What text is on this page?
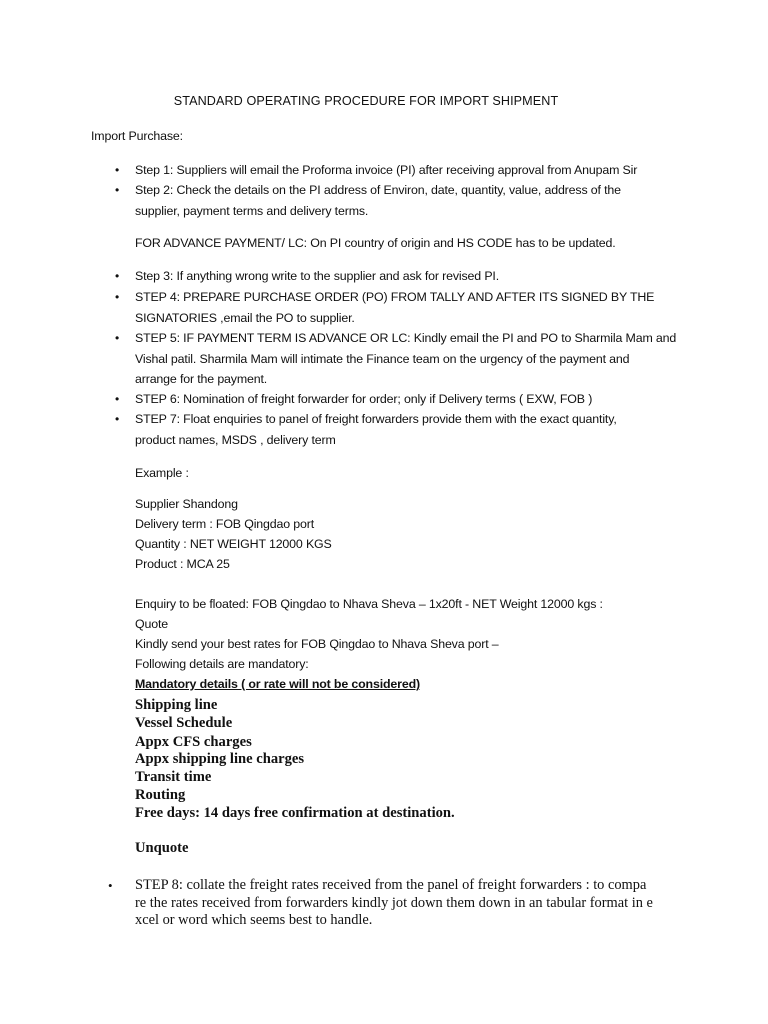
STANDARD OPERATING PROCEDURE FOR IMPORT SHIPMENT
Import Purchase:
• Step 1: Suppliers will email the Proforma invoice (PI) after receiving approval from Anupam Sir
• Step 2: Check the details on the PI address of Environ, date, quantity, value, address of the
supplier, payment terms and delivery terms.
FOR ADVANCE PAYMENT/ LC: On PI country of origin and HS CODE has to be updated.
• Step 3: If anything wrong write to the supplier and ask for revised PI.
• STEP 4: PREPARE PURCHASE ORDER (PO) FROM TALLY AND AFTER ITS SIGNED BY THE
SIGNATORIES ,email the PO to supplier.
• STEP 5: IF PAYMENT TERM IS ADVANCE OR LC: Kindly email the PI and PO to Sharmila Mam and
Vishal patil. Sharmila Mam will intimate the Finance team on the urgency of the payment and
arrange for the payment.
• STEP 6: Nomination of freight forwarder for order; only if Delivery terms ( EXW, FOB )
• STEP 7: Float enquiries to panel of freight forwarders provide them with the exact quantity,
product names, MSDS , delivery term
Example :
Supplier Shandong
Delivery term : FOB Qingdao port
Quantity : NET WEIGHT 12000 KGS
Product : MCA 25
Enquiry to be floated: FOB Qingdao to Nhava Sheva – 1x20ft - NET Weight 12000 kgs :
Quote
Kindly send your best rates for FOB Qingdao to Nhava Sheva port –
Following details are mandatory:
Mandatory details ( or rate will not be considered)
Shipping line
Vessel Schedule
Appx CFS charges
Appx shipping line charges
Transit time
Routing
Free days: 14 days free confirmation at destination.
Unquote
• STEP 8: collate the freight rates received from the panel of freight forwarders : to compa
re the rates received from forwarders kindly jot down them down in an tabular format in e
xcel or word which seems best to handle.
